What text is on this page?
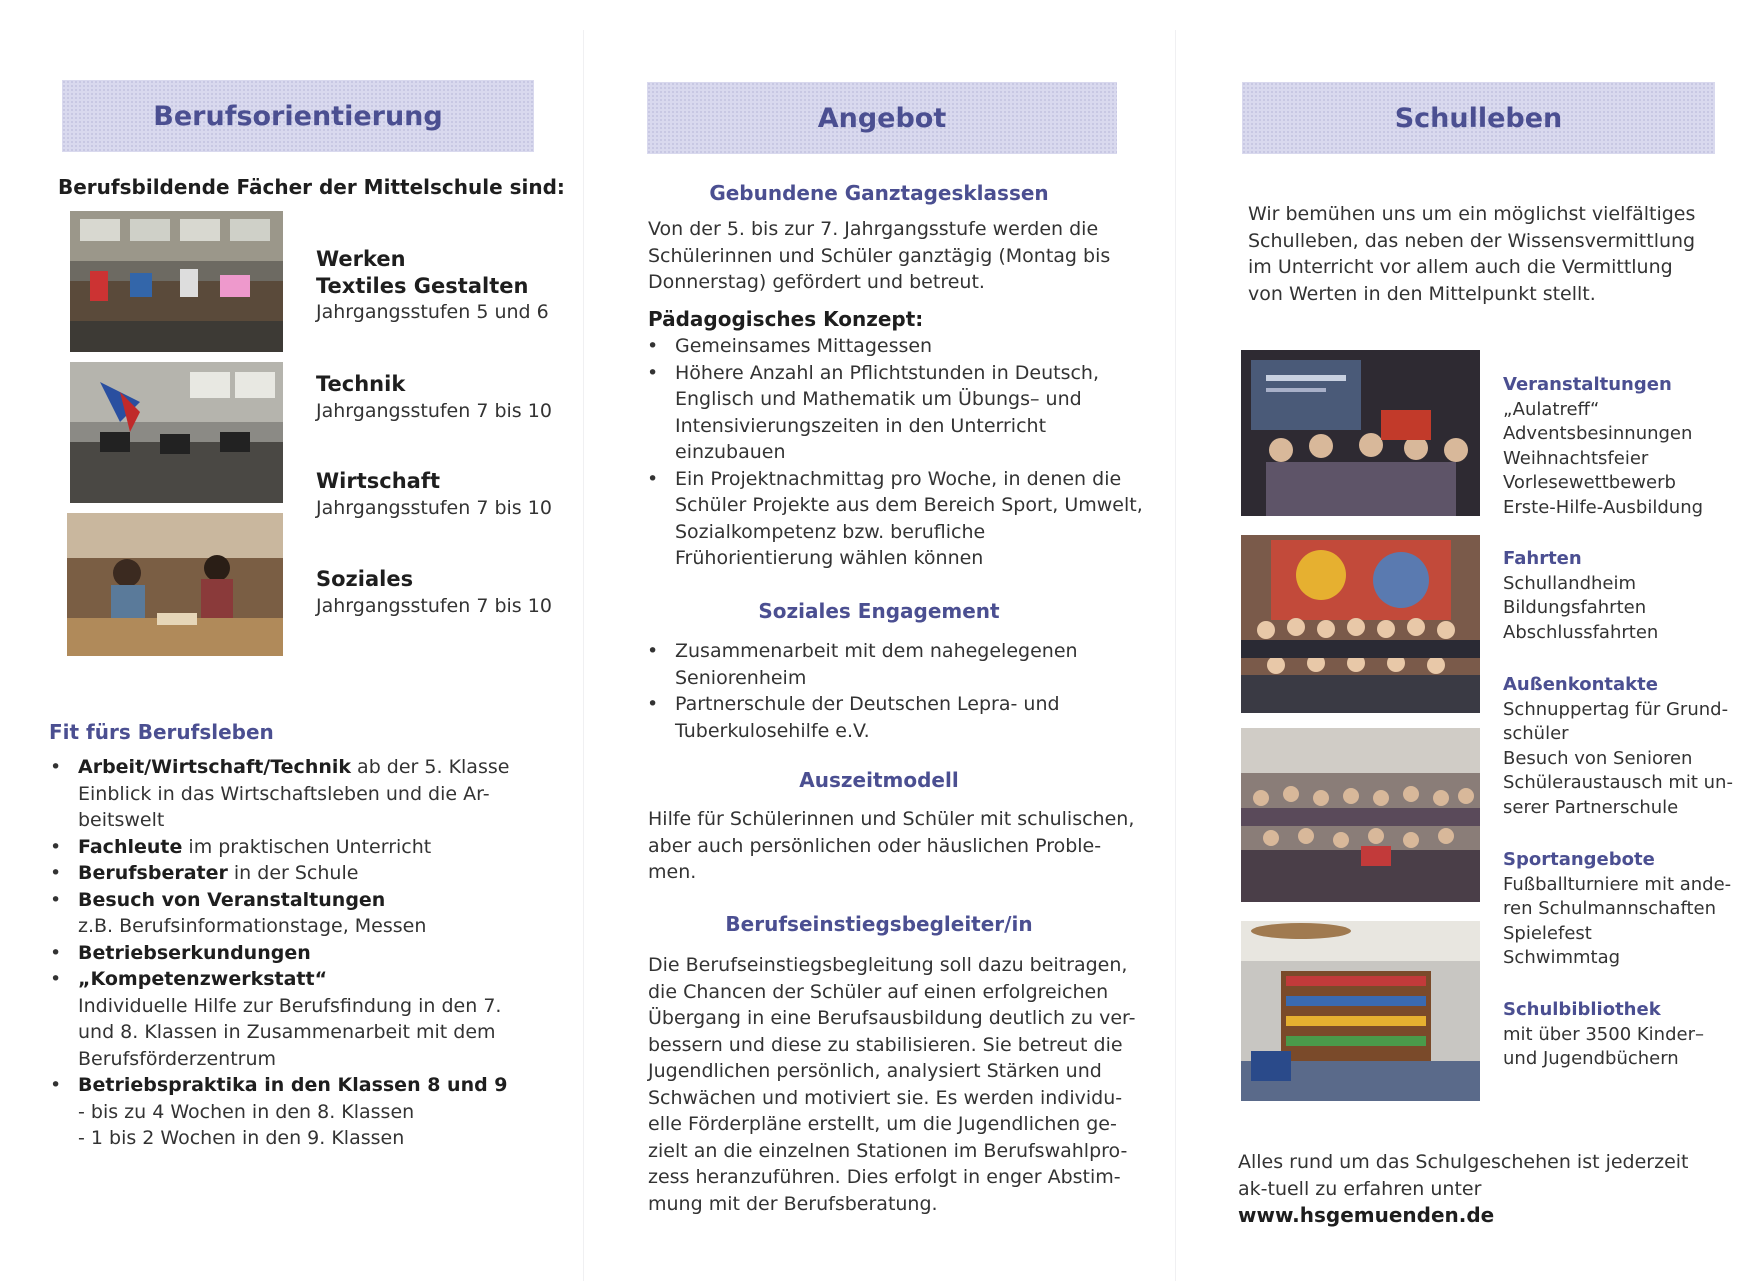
Berufsorientierung
Berufsbildende Fächer der Mittelschule sind:
Werken
Textiles Gestalten
Jahrgangsstufen 5 und 6
Technik
Jahrgangsstufen 7 bis 10
Wirtschaft
Jahrgangsstufen 7 bis 10
Soziales
Jahrgangsstufen 7 bis 10
Fit fürs Berufsleben
• Arbeit/Wirtschaft/Technik ab der 5. Klasse Einblick in das Wirtschaftsleben und die Ar-beitswelt
• Fachleute im praktischen Unterricht
• Berufsberater in der Schule
• Besuch von Veranstaltungen
z.B. Berufsinformationstage, Messen
• Betriebserkundungen
• „Kompetenzwerkstatt“
Individuelle Hilfe zur Berufsfindung in den 7. und 8. Klassen in Zusammenarbeit mit dem Berufsförderzentrum
• Betriebspraktika in den Klassen 8 und 9
- bis zu 4 Wochen in den 8. Klassen
- 1 bis 2 Wochen in den 9. Klassen
Angebot
Gebundene Ganztagesklassen
Von der 5. bis zur 7. Jahrgangsstufe werden die Schülerinnen und Schüler ganztägig (Montag bis Donnerstag) gefördert und betreut.
Pädagogisches Konzept:
• Gemeinsames Mittagessen
• Höhere Anzahl an Pflichtstunden in Deutsch, Englisch und Mathematik um Übungs– und Intensivierungszeiten in den Unterricht einzubauen
• Ein Projektnachmittag pro Woche, in denen die Schüler Projekte aus dem Bereich Sport, Umwelt, Sozialkompetenz bzw. berufliche Frühorientierung wählen können
Soziales Engagement
• Zusammenarbeit mit dem nahegelegenen Seniorenheim
• Partnerschule der Deutschen Lepra- und Tuberkulosehilfe e.V.
Auszeitmodell
Hilfe für Schülerinnen und Schüler mit schulischen, aber auch persönlichen oder häuslichen Proble-men.
Berufseinstiegsbegleiter/in
Die Berufseinstiegsbegleitung soll dazu beitragen, die Chancen der Schüler auf einen erfolgreichen Übergang in eine Berufsausbildung deutlich zu ver-bessern und diese zu stabilisieren. Sie betreut die Jugendlichen persönlich, analysiert Stärken und Schwächen und motiviert sie. Es werden individu-elle Förderpläne erstellt, um die Jugendlichen ge-zielt an die einzelnen Stationen im Berufswahlpro-zess heranzuführen. Dies erfolgt in enger Abstim-mung mit der Berufsberatung.
Schulleben
Wir bemühen uns um ein möglichst vielfältiges Schulleben, das neben der Wissensvermittlung im Unterricht vor allem auch die Vermittlung von Werten in den Mittelpunkt stellt.
Veranstaltungen
„Aulatreff“
Adventsbesinnungen
Weihnachtsfeier
Vorlesewettbewerb
Erste-Hilfe-Ausbildung
Fahrten
Schullandheim
Bildungsfahrten
Abschlussfahrten
Außenkontakte
Schnuppertag für Grund-
schüler
Besuch von Senioren
Schüleraustausch mit un-
serer Partnerschule
Sportangebote
Fußballturniere mit ande-
ren Schulmannschaften
Spielefest
Schwimmtag
Schulbibliothek
mit über 3500 Kinder–
und Jugendbüchern
Alles rund um das Schulgeschehen ist jederzeit ak-tuell zu erfahren unter www.hsgemuenden.de
